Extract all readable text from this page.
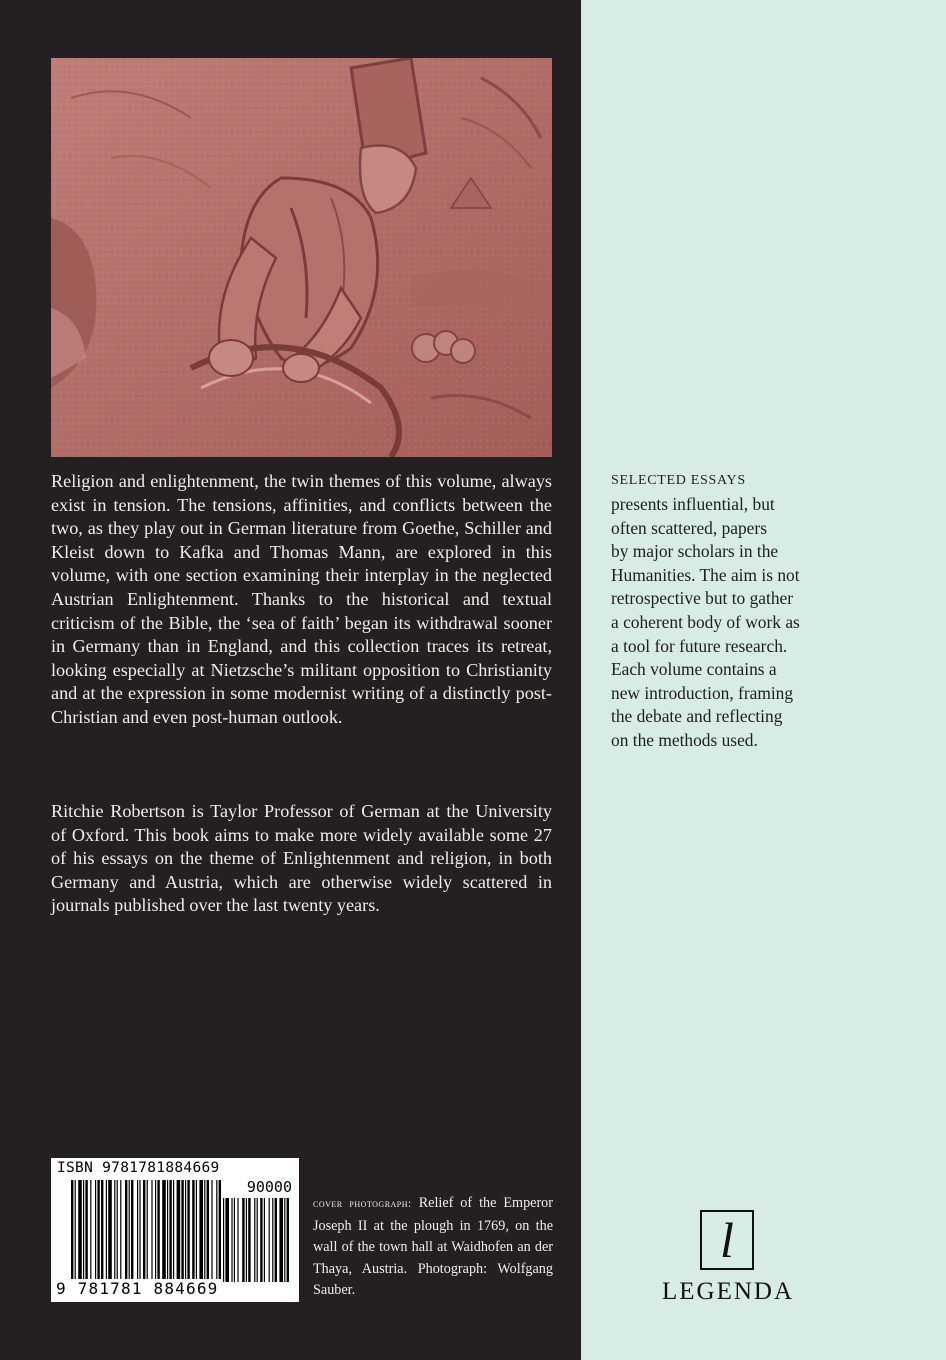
Religion and enlightenment, the twin themes of this volume, always exist in tension. The tensions, affinities, and conflicts between the two, as they play out in German literature from Goethe, Schiller and Kleist down to Kafka and Thomas Mann, are explored in this volume, with one section examining their interplay in the neglected Austrian Enlightenment. Thanks to the historical and textual criticism of the Bible, the ‘sea of faith’ began its withdrawal sooner in Germany than in England, and this collection traces its retreat, looking especially at Nietzsche’s militant opposition to Christianity and at the expression in some modernist writing of a distinctly post-Christian and even post-human outlook.

Ritchie Robertson is Taylor Professor of German at the University of Oxford. This book aims to make more widely available some 27 of his essays on the theme of Enlightenment and religion, in both Germany and Austria, which are otherwise widely scattered in journals published over the last twenty years.

SELECTED ESSAYS
presents influential, but
often scattered, papers
by major scholars in the
Humanities. The aim is not
retrospective but to gather
a coherent body of work as
a tool for future research.
Each volume contains a
new introduction, framing
the debate and reflecting
on the methods used.
ISBN 9781781884669
90000
9 781781 884669
cover photograph: Relief of the Emperor Joseph II at the plough in 1769, on the wall of the town hall at Waidhofen an der Thaya, Austria. Photograph: Wolfgang Sauber.
l
LEGENDA
